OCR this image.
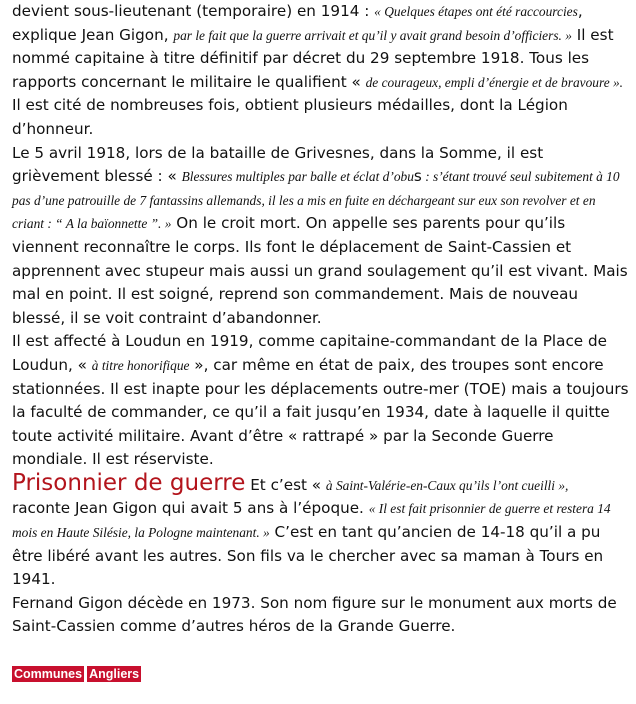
devient sous-lieutenant (temporaire) en 1914 : « Quelques étapes ont été raccourcies, explique Jean Gigon, par le fait que la guerre arrivait et qu’il y avait grand besoin d’officiers. » Il est nommé capitaine à titre définitif par décret du 29 septembre 1918. Tous les rapports concernant le militaire le qualifient « de courageux, empli d’énergie et de bravoure ». Il est cité de nombreuses fois, obtient plusieurs médailles, dont la Légion d’honneur.

Le 5 avril 1918, lors de la bataille de Grivesnes, dans la Somme, il est grièvement blessé : « Blessures multiples par balle et éclat d’obus : s’étant trouvé seul subitement à 10 pas d’une patrouille de 7 fantassins allemands, il les a mis en fuite en déchargeant sur eux son revolver et en criant : “ A la baïonnette ”. » On le croit mort. On appelle ses parents pour qu’ils viennent reconnaître le corps. Ils font le déplacement de Saint-Cassien et apprennent avec stupeur mais aussi un grand soulagement qu’il est vivant. Mais mal en point. Il est soigné, reprend son commandement. Mais de nouveau blessé, il se voit contraint d’abandonner.

Il est affecté à Loudun en 1919, comme capitaine-commandant de la Place de Loudun, « à titre honorifique », car même en état de paix, des troupes sont encore stationnées. Il est inapte pour les déplacements outre-mer (TOE) mais a toujours la faculté de commander, ce qu’il a fait jusqu’en 1934, date à laquelle il quitte toute activité militaire. Avant d’être « rattrapé » par la Seconde Guerre mondiale. Il est réserviste.

Prisonnier de guerre Et c’est « à Saint-Valérie-en-Caux qu’ils l’ont cueilli », raconte Jean Gigon qui avait 5 ans à l’époque. « Il est fait prisonnier de guerre et restera 14 mois en Haute Silésie, la Pologne maintenant. » C’est en tant qu’ancien de 14-18 qu’il a pu être libéré avant les autres. Son fils va le chercher avec sa maman à Tours en 1941.

Fernand Gigon décède en 1973. Son nom figure sur le monument aux morts de Saint-Cassien comme d’autres héros de la Grande Guerre.

Communes Angliers
